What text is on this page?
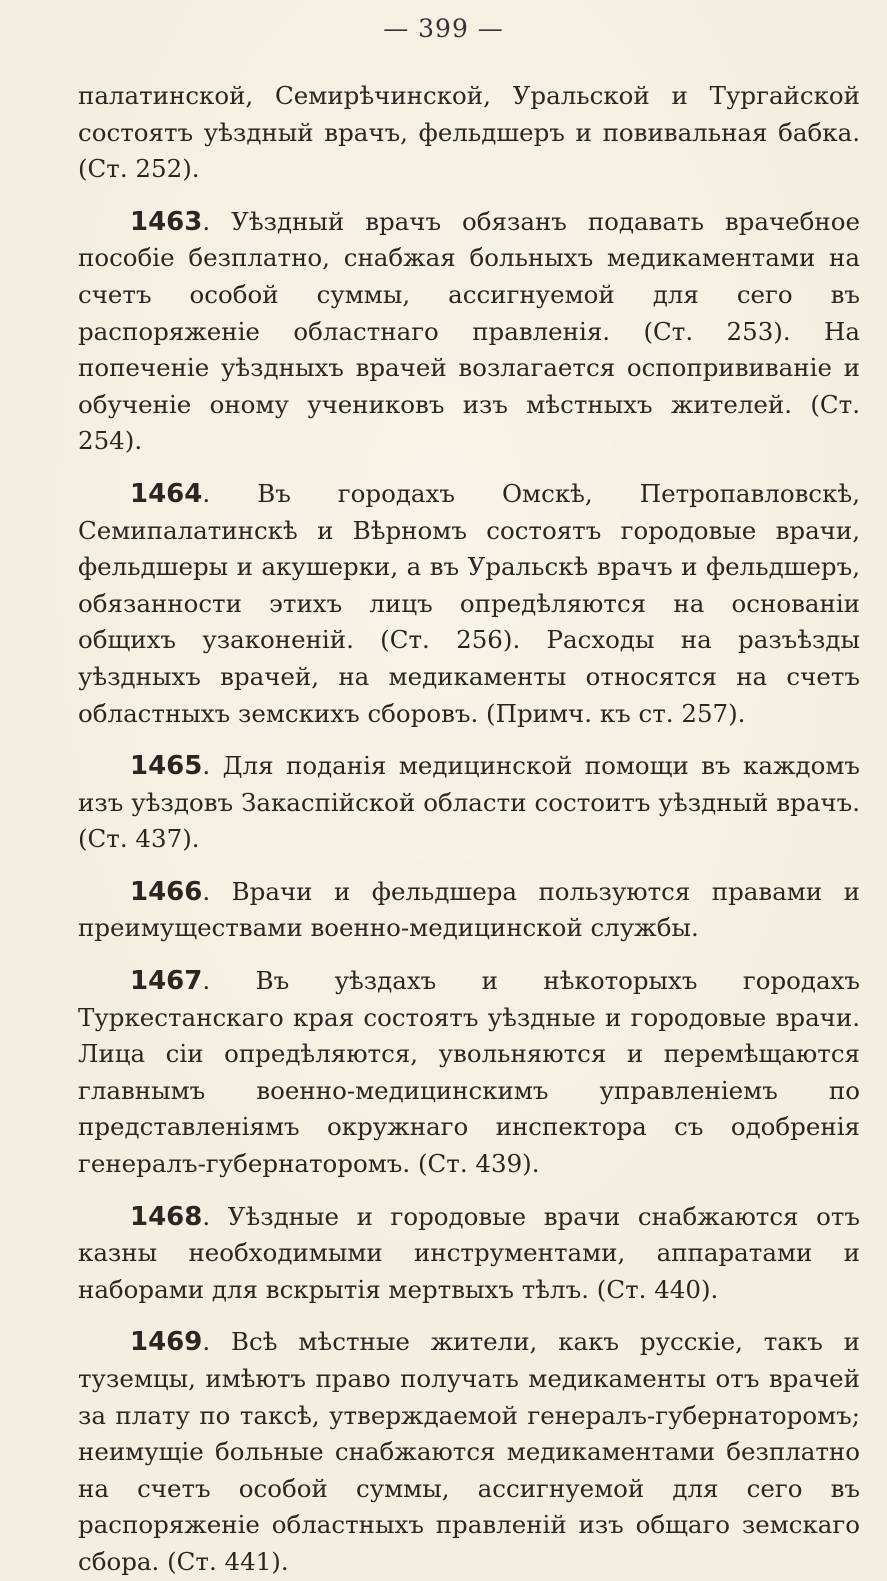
— 399 —

палатинской, Семирѣчинской, Уральской и Тургайской состоятъ уѣздный врачъ, фельдшеръ и повивальная бабка. (Ст. 252).

1463. Уѣздный врачъ обязанъ подавать врачебное пособіе безплатно, снабжая больныхъ медикаментами на счетъ особой суммы, ассигнуемой для сего въ распоряженіе областнаго правленія. (Ст. 253). На попеченіе уѣздныхъ врачей возлагается оспопрививаніе и обученіе оному учениковъ изъ мѣстныхъ жителей. (Ст. 254).

1464. Въ городахъ Омскѣ, Петропавловскѣ, Семипалатинскѣ и Вѣрномъ состоятъ городовые врачи, фельдшеры и акушерки, а въ Уральскѣ врачъ и фельдшеръ, обязанности этихъ лицъ опредѣляются на основаніи общихъ узаконеній. (Ст. 256). Расходы на разъѣзды уѣздныхъ врачей, на медикаменты относятся на счетъ областныхъ земскихъ сборовъ. (Примч. къ ст. 257).

1465. Для поданія медицинской помощи въ каждомъ изъ уѣздовъ Закаспійской области состоитъ уѣздный врачъ. (Ст. 437).

1466. Врачи и фельдшера пользуются правами и преимуществами военно-медицинской службы.

1467. Въ уѣздахъ и нѣкоторыхъ городахъ Туркестанскаго края состоятъ уѣздные и городовые врачи. Лица сіи опредѣляются, увольняются и перемѣщаются главнымъ военно-медицинскимъ управленіемъ по представленіямъ окружнаго инспектора съ одобренія генералъ-губернаторомъ. (Ст. 439).

1468. Уѣздные и городовые врачи снабжаются отъ казны необходимыми инструментами, аппаратами и наборами для вскрытія мертвыхъ тѣлъ. (Ст. 440).

1469. Всѣ мѣстные жители, какъ русскіе, такъ и туземцы, имѣютъ право получать медикаменты отъ врачей за плату по таксѣ, утверждаемой генералъ-губернаторомъ; неимущіе больные снабжаются медикаментами безплатно на счетъ особой суммы, ассигнуемой для сего въ распоряженіе областныхъ правленій изъ общаго земскаго сбора. (Ст. 441).
